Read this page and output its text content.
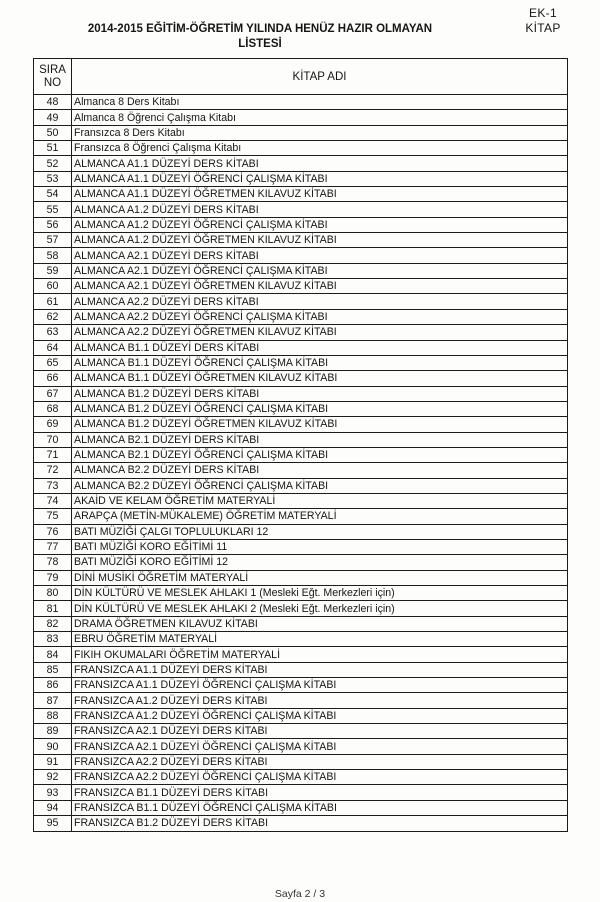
EK-1
KİTAP
2014-2015 EĞİTİM-ÖĞRETİM YILINDA HENÜZ HAZIR OLMAYAN
LİSTESİ
SIRA
NO	KİTAP ADI
48	Almanca 8 Ders Kitabı
49	Almanca 8 Öğrenci Çalışma Kitabı
50	Fransızca 8 Ders Kitabı
51	Fransızca 8 Öğrenci Çalışma Kitabı
52	ALMANCA A1.1 DÜZEYİ DERS KİTABI
53	ALMANCA A1.1 DÜZEYİ ÖĞRENCİ ÇALIŞMA KİTABI
54	ALMANCA A1.1 DÜZEYİ ÖĞRETMEN KILAVUZ KİTABI
55	ALMANCA A1.2 DÜZEYİ DERS KİTABI
56	ALMANCA A1.2 DÜZEYİ ÖĞRENCİ ÇALIŞMA KİTABI
57	ALMANCA A1.2 DÜZEYİ ÖĞRETMEN KILAVUZ KİTABI
58	ALMANCA A2.1 DÜZEYİ DERS KİTABI
59	ALMANCA A2.1 DÜZEYİ ÖĞRENCİ ÇALIŞMA KİTABI
60	ALMANCA A2.1 DÜZEYİ ÖĞRETMEN KILAVUZ KİTABI
61	ALMANCA A2.2 DÜZEYİ DERS KİTABI
62	ALMANCA A2.2 DÜZEYİ ÖĞRENCİ ÇALIŞMA KİTABI
63	ALMANCA A2.2 DÜZEYİ ÖĞRETMEN KILAVUZ KİTABI
64	ALMANCA B1.1 DÜZEYİ DERS KİTABI
65	ALMANCA B1.1 DÜZEYİ ÖĞRENCİ ÇALIŞMA KİTABI
66	ALMANCA B1.1 DÜZEYİ ÖĞRETMEN KILAVUZ KİTABI
67	ALMANCA B1.2 DÜZEYİ DERS KİTABI
68	ALMANCA B1.2 DÜZEYİ ÖĞRENCİ ÇALIŞMA KİTABI
69	ALMANCA B1.2 DÜZEYİ ÖĞRETMEN KILAVUZ KİTABI
70	ALMANCA B2.1 DÜZEYİ DERS KİTABI
71	ALMANCA B2.1 DÜZEYİ ÖĞRENCİ ÇALIŞMA KİTABI
72	ALMANCA B2.2 DÜZEYİ DERS KİTABI
73	ALMANCA B2.2 DÜZEYİ ÖĞRENCİ ÇALIŞMA KİTABI
74	AKAİD VE KELAM ÖĞRETİM MATERYALİ
75	ARAPÇA (METİN-MÜKALEME) ÖĞRETİM MATERYALİ
76	BATI MÜZİĞİ ÇALGI TOPLULUKLARI 12
77	BATI MÜZİĞİ KORO EĞİTİMİ 11
78	BATI MÜZİĞİ KORO EĞİTİMİ 12
79	DİNİ MUSİKİ ÖĞRETİM MATERYALİ
80	DİN KÜLTÜRÜ VE MESLEK AHLAKI 1 (Mesleki Eğt. Merkezleri için)
81	DİN KÜLTÜRÜ VE MESLEK AHLAKI 2 (Mesleki Eğt. Merkezleri için)
82	DRAMA ÖĞRETMEN KILAVUZ KİTABI
83	EBRU ÖĞRETİM MATERYALİ
84	FIKIH OKUMALARI ÖĞRETİM MATERYALİ
85	FRANSIZCA A1.1 DÜZEYİ DERS KİTABI
86	FRANSIZCA A1.1 DÜZEYİ ÖĞRENCİ ÇALIŞMA KİTABI
87	FRANSIZCA A1.2 DÜZEYİ DERS KİTABI
88	FRANSIZCA A1.2 DÜZEYİ ÖĞRENCİ ÇALIŞMA KİTABI
89	FRANSIZCA A2.1 DÜZEYİ DERS KİTABI
90	FRANSIZCA A2.1 DÜZEYİ ÖĞRENCİ ÇALIŞMA KİTABI
91	FRANSIZCA A2.2 DÜZEYİ DERS KİTABI
92	FRANSIZCA A2.2 DÜZEYİ ÖĞRENCİ ÇALIŞMA KİTABI
93	FRANSIZCA B1.1 DÜZEYİ DERS KİTABI
94	FRANSIZCA B1.1 DÜZEYİ ÖĞRENCİ ÇALIŞMA KİTABI
95	FRANSIZCA B1.2 DÜZEYİ DERS KİTABI
Sayfa 2 / 3
